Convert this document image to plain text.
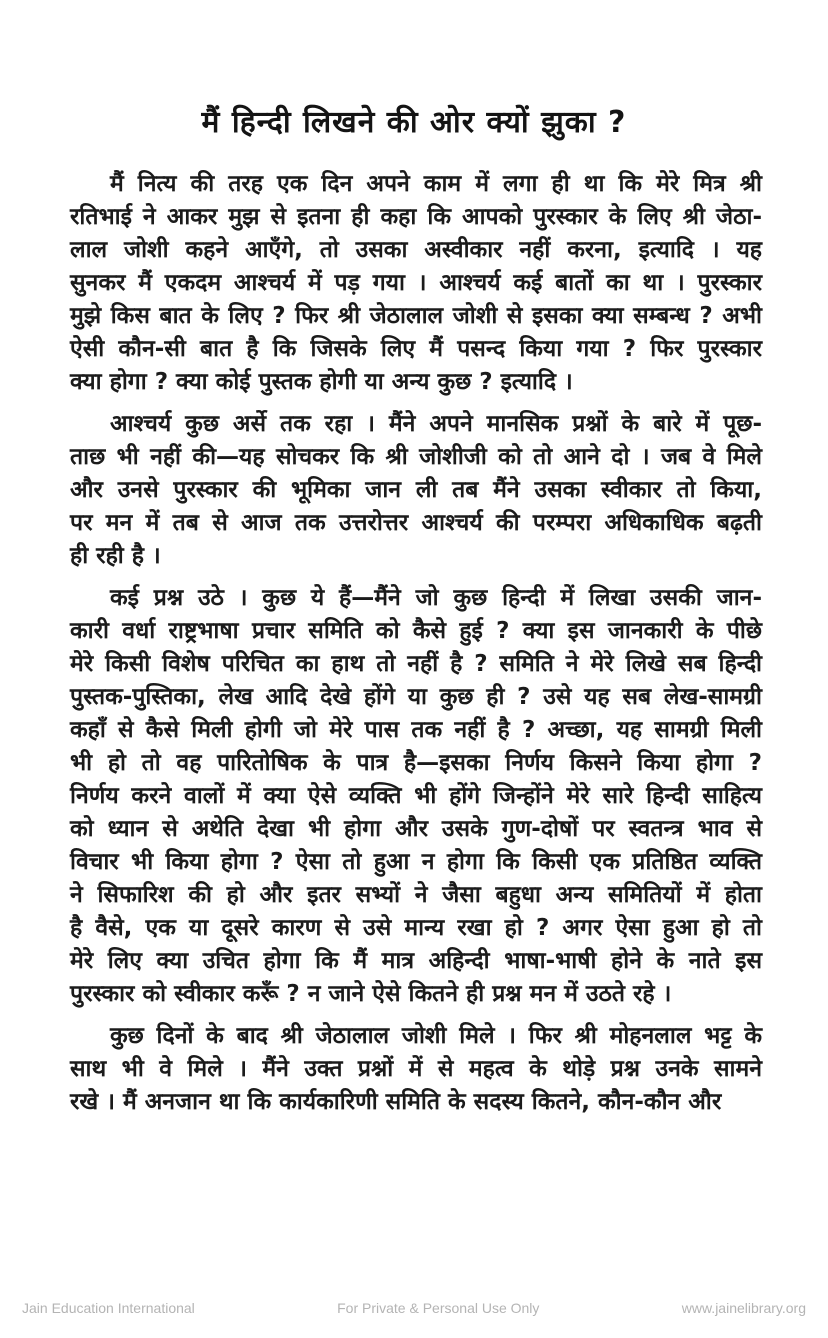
मैं हिन्दी लिखने की ओर क्यों झुका ?

मैं नित्य की तरह एक दिन अपने काम में लगा ही था कि मेरे मित्र श्री
रतिभाई ने आकर मुझ से इतना ही कहा कि आपको पुरस्कार के लिए श्री जेठा-
लाल जोशी कहने आएँगे, तो उसका अस्वीकार नहीं करना, इत्यादि । यह
सुनकर मैं एकदम आश्चर्य में पड़ गया । आश्चर्य कई बातों का था । पुरस्कार
मुझे किस बात के लिए ? फिर श्री जेठालाल जोशी से इसका क्या सम्बन्ध ? अभी
ऐसी कौन-सी बात है कि जिसके लिए मैं पसन्द किया गया ? फिर पुरस्कार
क्या होगा ? क्या कोई पुस्तक होगी या अन्य कुछ ? इत्यादि ।

आश्चर्य कुछ अर्से तक रहा । मैंने अपने मानसिक प्रश्नों के बारे में पूछ-
ताछ भी नहीं की—यह सोचकर कि श्री जोशीजी को तो आने दो । जब वे मिले
और उनसे पुरस्कार की भूमिका जान ली तब मैंने उसका स्वीकार तो किया,
पर मन में तब से आज तक उत्तरोत्तर आश्चर्य की परम्परा अधिकाधिक बढ़ती
ही रही है ।

कई प्रश्न उठे । कुछ ये हैं—मैंने जो कुछ हिन्दी में लिखा उसकी जान-
कारी वर्धा राष्ट्रभाषा प्रचार समिति को कैसे हुई ? क्या इस जानकारी के पीछे
मेरे किसी विशेष परिचित का हाथ तो नहीं है ? समिति ने मेरे लिखे सब हिन्दी
पुस्तक-पुस्तिका, लेख आदि देखे होंगे या कुछ ही ? उसे यह सब लेख-सामग्री
कहाँ से कैसे मिली होगी जो मेरे पास तक नहीं है ? अच्छा, यह सामग्री मिली
भी हो तो वह पारितोषिक के पात्र है—इसका निर्णय किसने किया होगा ?
निर्णय करने वालों में क्या ऐसे व्यक्ति भी होंगे जिन्होंने मेरे सारे हिन्दी साहित्य
को ध्यान से अथेति देखा भी होगा और उसके गुण-दोषों पर स्वतन्त्र भाव से
विचार भी किया होगा ? ऐसा तो हुआ न होगा कि किसी एक प्रतिष्ठित व्यक्ति
ने सिफारिश की हो और इतर सभ्यों ने जैसा बहुधा अन्य समितियों में होता
है वैसे, एक या दूसरे कारण से उसे मान्य रखा हो ? अगर ऐसा हुआ हो तो
मेरे लिए क्या उचित होगा कि मैं मात्र अहिन्दी भाषा-भाषी होने के नाते इस
पुरस्कार को स्वीकार करूँ ? न जाने ऐसे कितने ही प्रश्न मन में उठते रहे ।

कुछ दिनों के बाद श्री जेठालाल जोशी मिले । फिर श्री मोहनलाल भट्ट के
साथ भी वे मिले । मैंने उक्त प्रश्नों में से महत्व के थोड़े प्रश्न उनके सामने
रखे । मैं अनजान था कि कार्यकारिणी समिति के सदस्य कितने, कौन-कौन और

Jain Education International	For Private & Personal Use Only	www.jainelibrary.org
